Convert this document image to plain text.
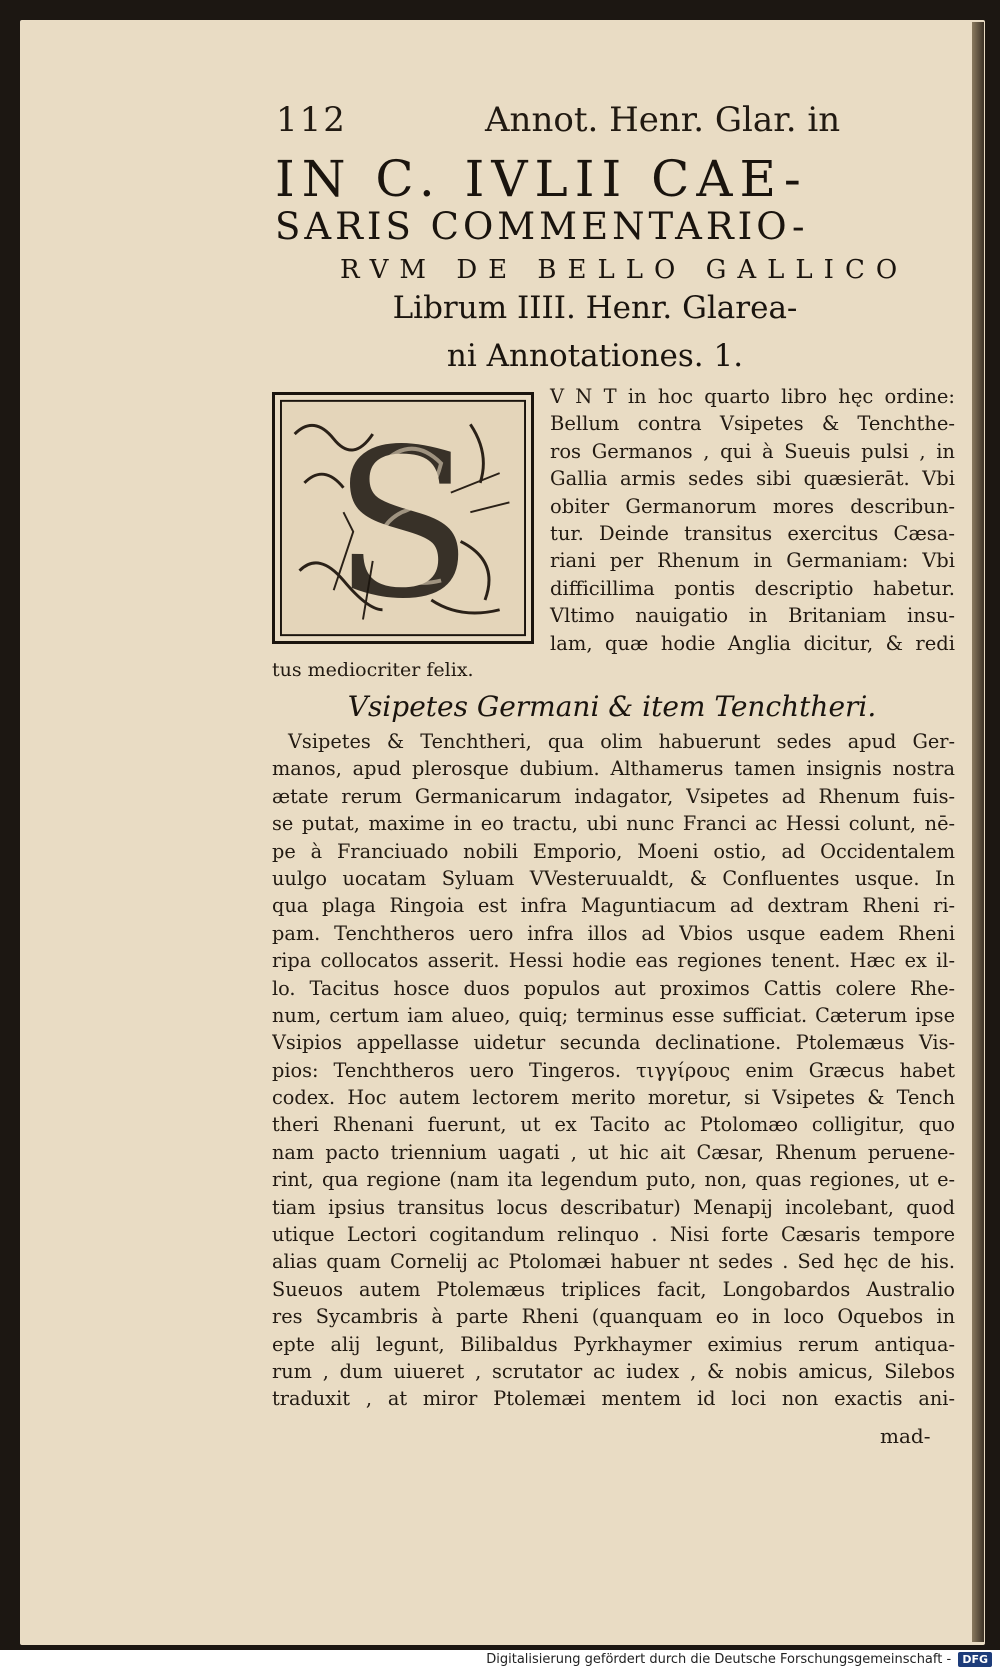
112	Annot. Henr. Glar. in
IN C. IVLII CAE-
SARIS COMMENTARIO-
RVM DE BELLO GALLICO
Librum IIII. Henr. Glarea-
ni Annotationes. 1.
S
V N T in hoc quarto libro hęc ordine:
Bellum contra Vsipetes & Tenchthe-
ros Germanos , qui à Sueuis pulsi , in
Gallia armis sedes sibi quæsierāt. Vbi
obiter Germanorum mores describun-
tur. Deinde transitus exercitus Cæsa-
riani per Rhenum in Germaniam: Vbi
difficillima pontis descriptio habetur.
Vltimo nauigatio in Britaniam insu-
lam, quæ hodie Anglia dicitur, & redi
tus mediocriter felix.
Vsipetes Germani & item Tenchtheri.
Vsipetes & Tenchtheri, qua olim habuerunt sedes apud Ger-
manos, apud plerosque dubium. Althamerus tamen insignis nostra
ætate rerum Germanicarum indagator, Vsipetes ad Rhenum fuis-
se putat, maxime in eo tractu, ubi nunc Franci ac Hessi colunt, nē-
pe à Franciuado nobili Emporio, Moeni ostio, ad Occidentalem
uulgo uocatam Syluam VVesteruualdt, & Confluentes usque. In
qua plaga Ringoia est infra Maguntiacum ad dextram Rheni ri-
pam. Tenchtheros uero infra illos ad Vbios usque eadem Rheni
ripa collocatos asserit. Hessi hodie eas regiones tenent. Hæc ex il-
lo. Tacitus hosce duos populos aut proximos Cattis colere Rhe-
num, certum iam alueo, quiq; terminus esse sufficiat. Cæterum ipse
Vsipios appellasse uidetur secunda declinatione. Ptolemæus Vis-
pios: Tenchtheros uero Tingeros. τιγγίρους enim Græcus habet
codex. Hoc autem lectorem merito moretur, si Vsipetes & Tench
theri Rhenani fuerunt, ut ex Tacito ac Ptolomæo colligitur, quo
nam pacto triennium uagati , ut hic ait Cæsar, Rhenum peruene-
rint, qua regione (nam ita legendum puto, non, quas regiones, ut e-
tiam ipsius transitus locus describatur) Menapij incolebant, quod
utique Lectori cogitandum relinquo . Nisi forte Cæsaris tempore
alias quam Cornelij ac Ptolomæi habuer nt sedes . Sed hęc de his.
Sueuos autem Ptolemæus triplices facit, Longobardos Australio
res Sycambris à parte Rheni (quanquam eo in loco Oquebos in
epte alij legunt, Bilibaldus Pyrkhaymer eximius rerum antiqua-
rum , dum uiueret , scrutator ac iudex , & nobis amicus, Silebos
traduxit , at miror Ptolemæi mentem id loci non exactis ani-
mad-
Digitalisierung gefördert durch die Deutsche Forschungsgemeinschaft - DFG
